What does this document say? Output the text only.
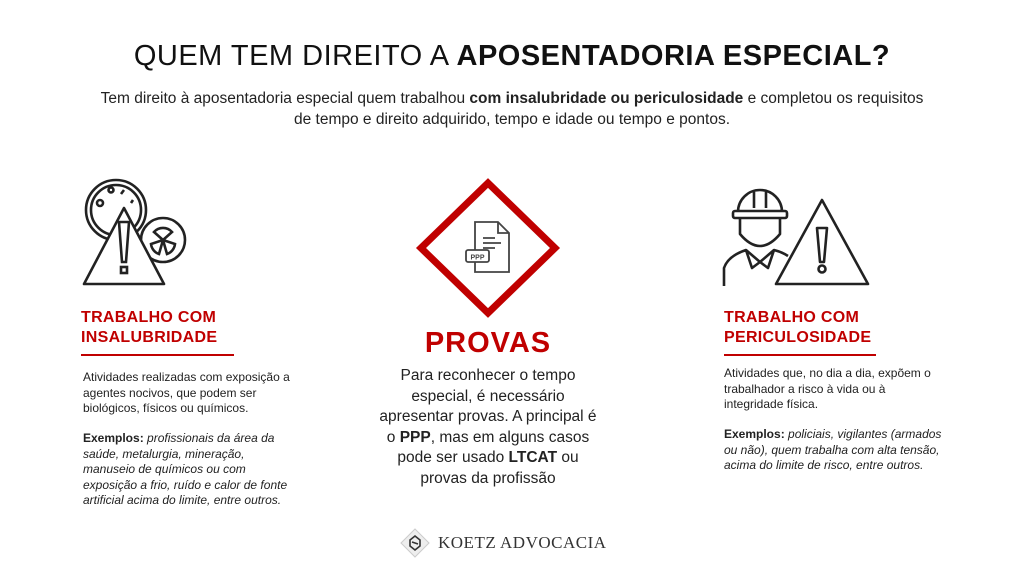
QUEM TEM DIREITO A APOSENTADORIA ESPECIAL?
Tem direito à aposentadoria especial quem trabalhou com insalubridade ou periculosidade e completou os requisitos de tempo e direito adquirido, tempo e idade ou tempo e pontos.
TRABALHO COM
INSALUBRIDADE
Atividades realizadas com exposição a agentes nocivos, que podem ser biológicos, físicos ou químicos.
Exemplos: profissionais da área da saúde, metalurgia, mineração, manuseio de químicos ou com exposição a frio, ruído e calor de fonte artificial acima do limite, entre outros.
PPP
PROVAS
Para reconhecer o tempo especial, é necessário apresentar provas. A principal é o PPP, mas em alguns casos pode ser usado LTCAT ou provas da profissão
TRABALHO COM
PERICULOSIDADE
Atividades que, no dia a dia, expõem o trabalhador a risco à vida ou à integridade física.
Exemplos: policiais, vigilantes (armados ou não), quem trabalha com alta tensão, acima do limite de risco, entre outros.
KOETZ ADVOCACIA
